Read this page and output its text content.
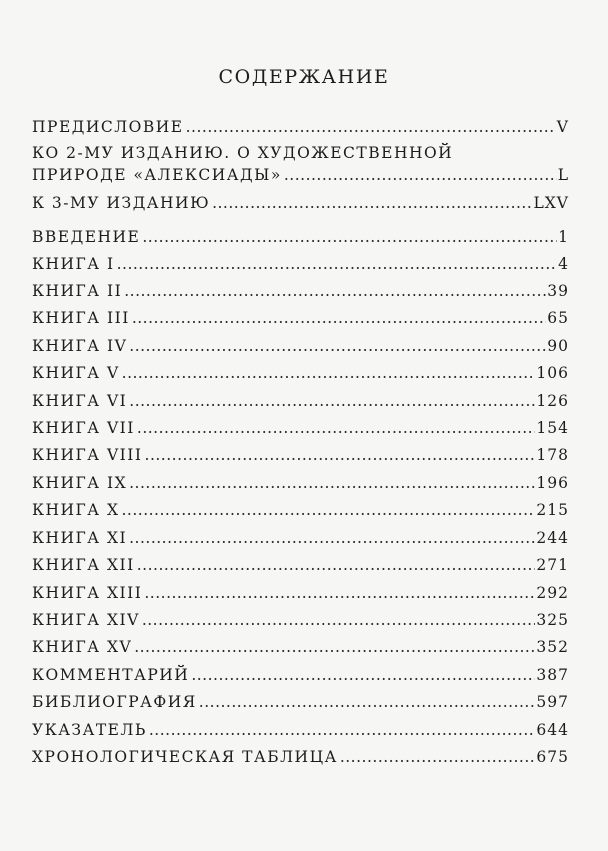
СОДЕРЖАНИЕ
ПРЕДИСЛОВИЕ .....	V
КО 2-МУ ИЗДАНИЮ. О ХУДОЖЕСТВЕННОЙ
ПРИРОДЕ «АЛЕКСИАДЫ» .....	L
К 3-МУ ИЗДАНИЮ .....	LXV
ВВЕДЕНИЕ .....	1
КНИГА I .....	4
КНИГА II .....	39
КНИГА III .....	65
КНИГА IV .....	90
КНИГА V .....	106
КНИГА VI .....	126
КНИГА VII .....	154
КНИГА VIII .....	178
КНИГА IX .....	196
КНИГА X .....	215
КНИГА XI .....	244
КНИГА XII .....	271
КНИГА XIII .....	292
КНИГА XIV .....	325
КНИГА XV .....	352
КОММЕНТАРИЙ .....	387
БИБЛИОГРАФИЯ .....	597
УКАЗАТЕЛЬ .....	644
ХРОНОЛОГИЧЕСКАЯ ТАБЛИЦА .....	675
